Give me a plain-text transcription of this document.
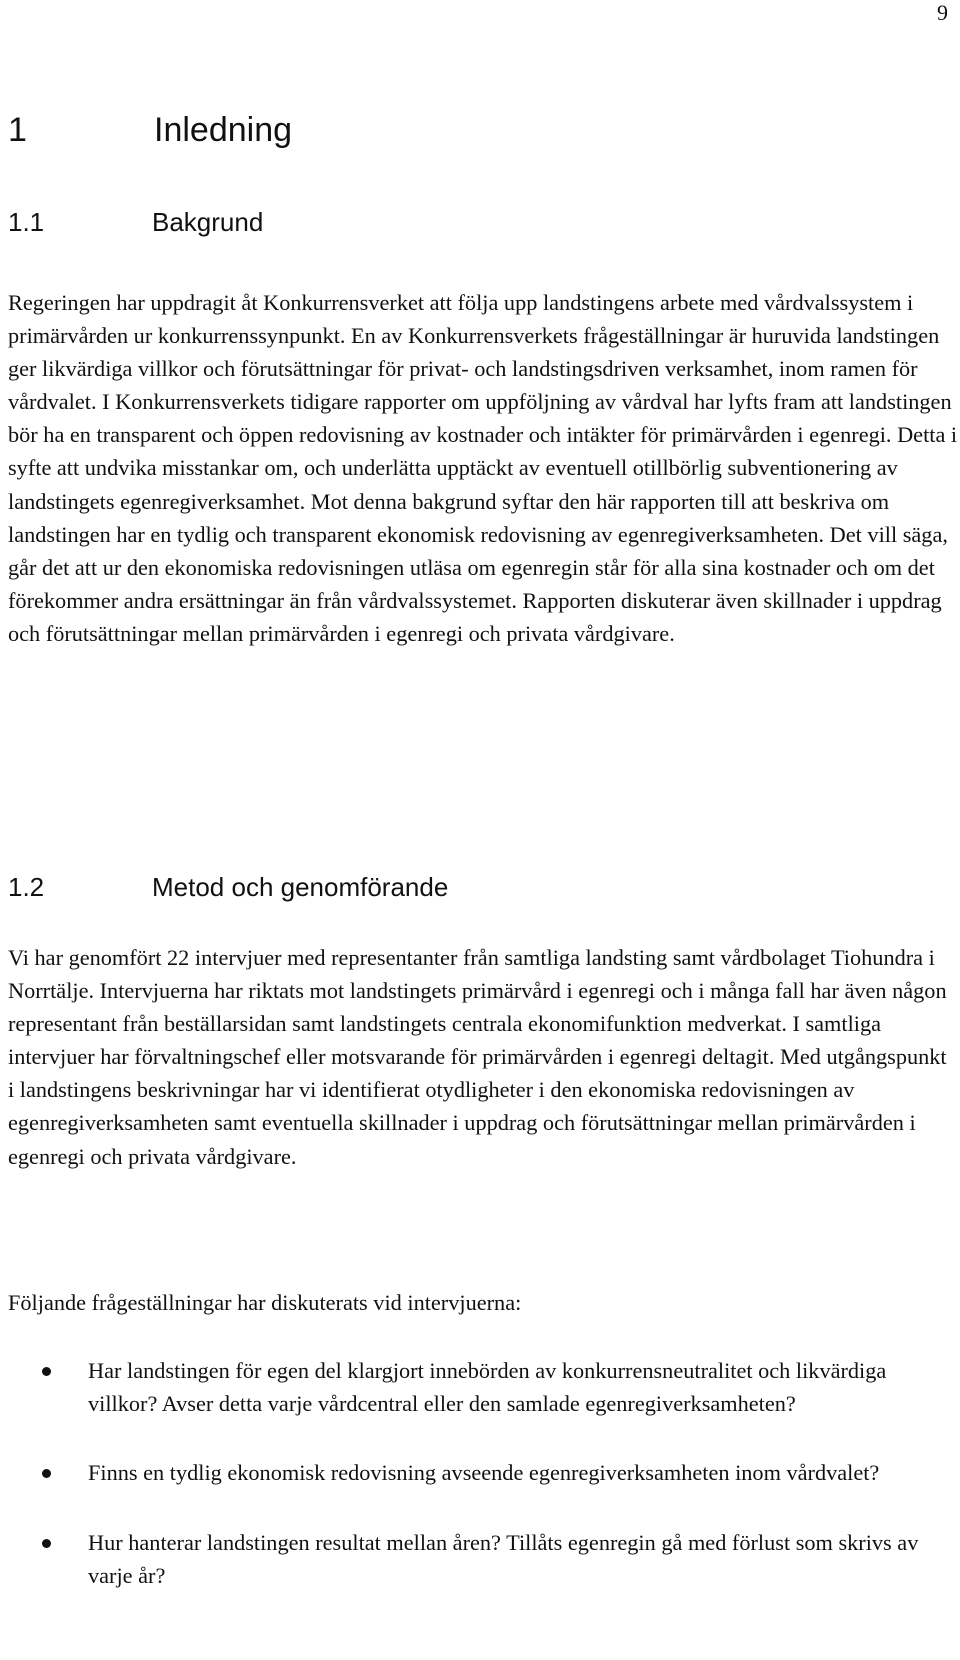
9
1	Inledning
1.1	Bakgrund

Regeringen har uppdragit åt Konkurrensverket att följa upp landstingens arbete med vårdvalssystem i primärvården ur konkurrenssynpunkt. En av Konkurrensverkets frågeställningar är huruvida landstingen ger likvärdiga villkor och förutsättningar för privat- och landstingsdriven verksamhet, inom ramen för vårdvalet. I Konkurrensverkets tidigare rapporter om uppföljning av vårdval har lyfts fram att landstingen bör ha en transparent och öppen redovisning av kostnader och intäkter för primärvården i egenregi. Detta i syfte att undvika misstankar om, och underlätta upptäckt av eventuell otillbörlig subventionering av landstingets egenregiverksamhet. Mot denna bakgrund syftar den här rapporten till att beskriva om landstingen har en tydlig och transparent ekonomisk redovisning av egenregiverksamheten. Det vill säga, går det att ur den ekonomiska redovisningen utläsa om egenregin står för alla sina kostnader och om det förekommer andra ersättningar än från vårdvalssystemet. Rapporten diskuterar även skillnader i uppdrag och förutsättningar mellan primärvården i egenregi och privata vårdgivare.

1.2	Metod och genomförande

Vi har genomfört 22 intervjuer med representanter från samtliga landsting samt vårdbolaget Tiohundra i Norrtälje. Intervjuerna har riktats mot landstingets primärvård i egenregi och i många fall har även någon representant från beställarsidan samt landstingets centrala ekonomifunktion medverkat. I samtliga intervjuer har förvaltningschef eller motsvarande för primärvården i egenregi deltagit. Med utgångspunkt i landstingens beskrivningar har vi identifierat otydligheter i den ekonomiska redovisningen av egenregiverksamheten samt eventuella skillnader i uppdrag och förutsättningar mellan primärvården i egenregi och privata vårdgivare.

Följande frågeställningar har diskuterats vid intervjuerna:

Har landstingen för egen del klargjort innebörden av konkurrensneutralitet och likvärdiga villkor? Avser detta varje vårdcentral eller den samlade egenregiverksamheten?
Finns en tydlig ekonomisk redovisning avseende egenregiverksamheten inom vårdvalet?
Hur hanterar landstingen resultat mellan åren? Tillåts egenregin gå med förlust som skrivs av varje år?
